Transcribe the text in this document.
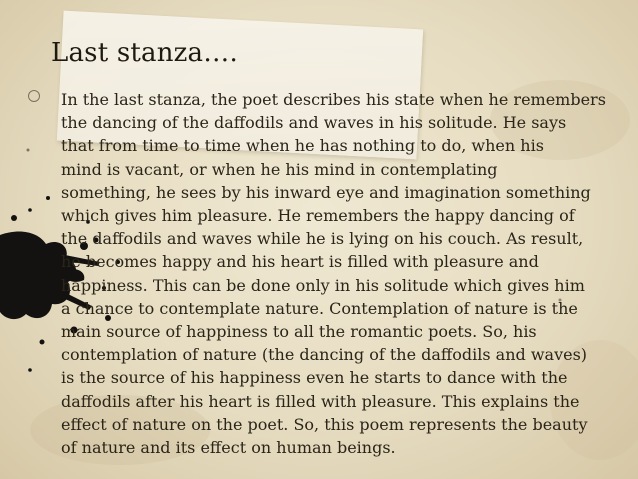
Last stanza….
In the last stanza, the poet describes his state when he remembers
the dancing of the daffodils and waves in his solitude. He says
that from time to time when he has nothing to do, when his
mind is vacant, or when he his mind in contemplating
something, he sees by his inward eye and imagination something
which gives him pleasure. He remembers the happy dancing of
the daffodils and waves while he is lying on his couch. As result,
he becomes happy and his heart is filled with pleasure and
happiness. This can be done only in his solitude which gives him
a chance to contemplate nature. Contemplation of nature is the
main source of happiness to all the romantic poets. So, his
contemplation of nature (the dancing of the daffodils and waves)
is the source of his happiness even he starts to dance with the
daffodils after his heart is filled with pleasure. This explains the
effect of nature on the poet. So, this poem represents the beauty
of nature and its effect on human beings.
